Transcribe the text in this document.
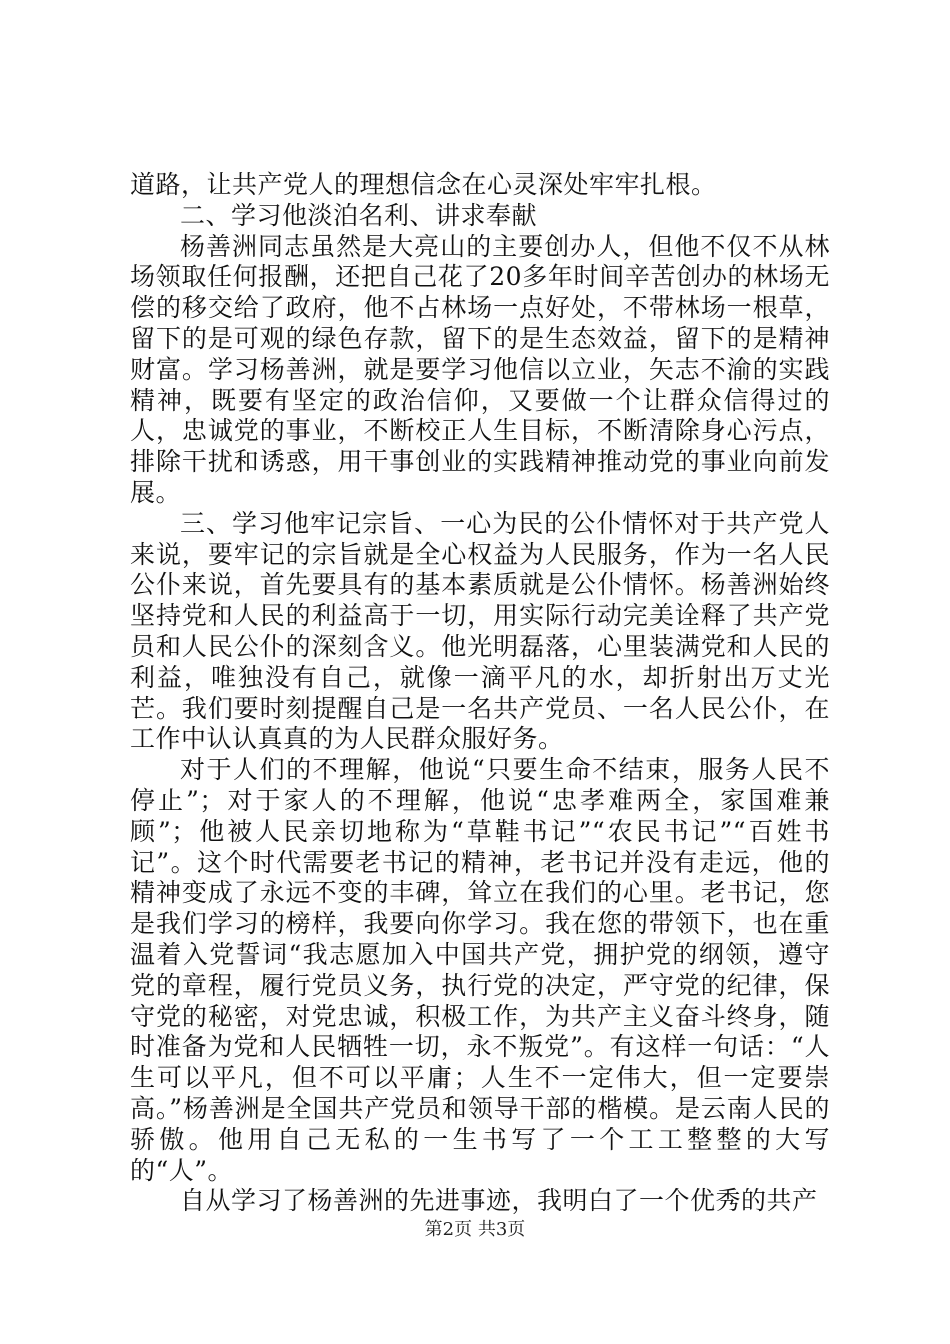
道路，让共产党人的理想信念在心灵深处牢牢扎根。

二、学习他淡泊名利、讲求奉献

杨善洲同志虽然是大亮山的主要创办人，但他不仅不从林场领取任何报酬，还把自己花了20多年时间辛苦创办的林场无偿的移交给了政府，他不占林场一点好处，不带林场一根草，留下的是可观的绿色存款，留下的是生态效益，留下的是精神财富。学习杨善洲，就是要学习他信以立业，矢志不渝的实践精神，既要有坚定的政治信仰，又要做一个让群众信得过的人，忠诚党的事业，不断校正人生目标，不断清除身心污点，排除干扰和诱惑，用干事创业的实践精神推动党的事业向前发展。

三、学习他牢记宗旨、一心为民的公仆情怀对于共产党人来说，要牢记的宗旨就是全心权益为人民服务，作为一名人民公仆来说，首先要具有的基本素质就是公仆情怀。杨善洲始终坚持党和人民的利益高于一切，用实际行动完美诠释了共产党员和人民公仆的深刻含义。他光明磊落，心里装满党和人民的利益，唯独没有自己，就像一滴平凡的水，却折射出万丈光芒。我们要时刻提醒自己是一名共产党员、一名人民公仆，在工作中认认真真的为人民群众服好务。

对于人们的不理解，他说“只要生命不结束，服务人民不停止”；对于家人的不理解，他说“忠孝难两全，家国难兼顾”；他被人民亲切地称为“草鞋书记”“农民书记”“百姓书记”。这个时代需要老书记的精神，老书记并没有走远，他的精神变成了永远不变的丰碑，耸立在我们的心里。老书记，您是我们学习的榜样，我要向你学习。我在您的带领下，也在重温着入党誓词“我志愿加入中国共产党，拥护党的纲领，遵守党的章程，履行党员义务，执行党的决定，严守党的纪律，保守党的秘密，对党忠诚，积极工作，为共产主义奋斗终身，随时准备为党和人民牺牲一切，永不叛党”。有这样一句话：“人生可以平凡，但不可以平庸；人生不一定伟大，但一定要崇高。”杨善洲是全国共产党员和领导干部的楷模。是云南人民的骄傲。他用自己无私的一生书写了一个工工整整的大写的“人”。

自从学习了杨善洲的先进事迹，我明白了一个优秀的共产

第2页 共3页
